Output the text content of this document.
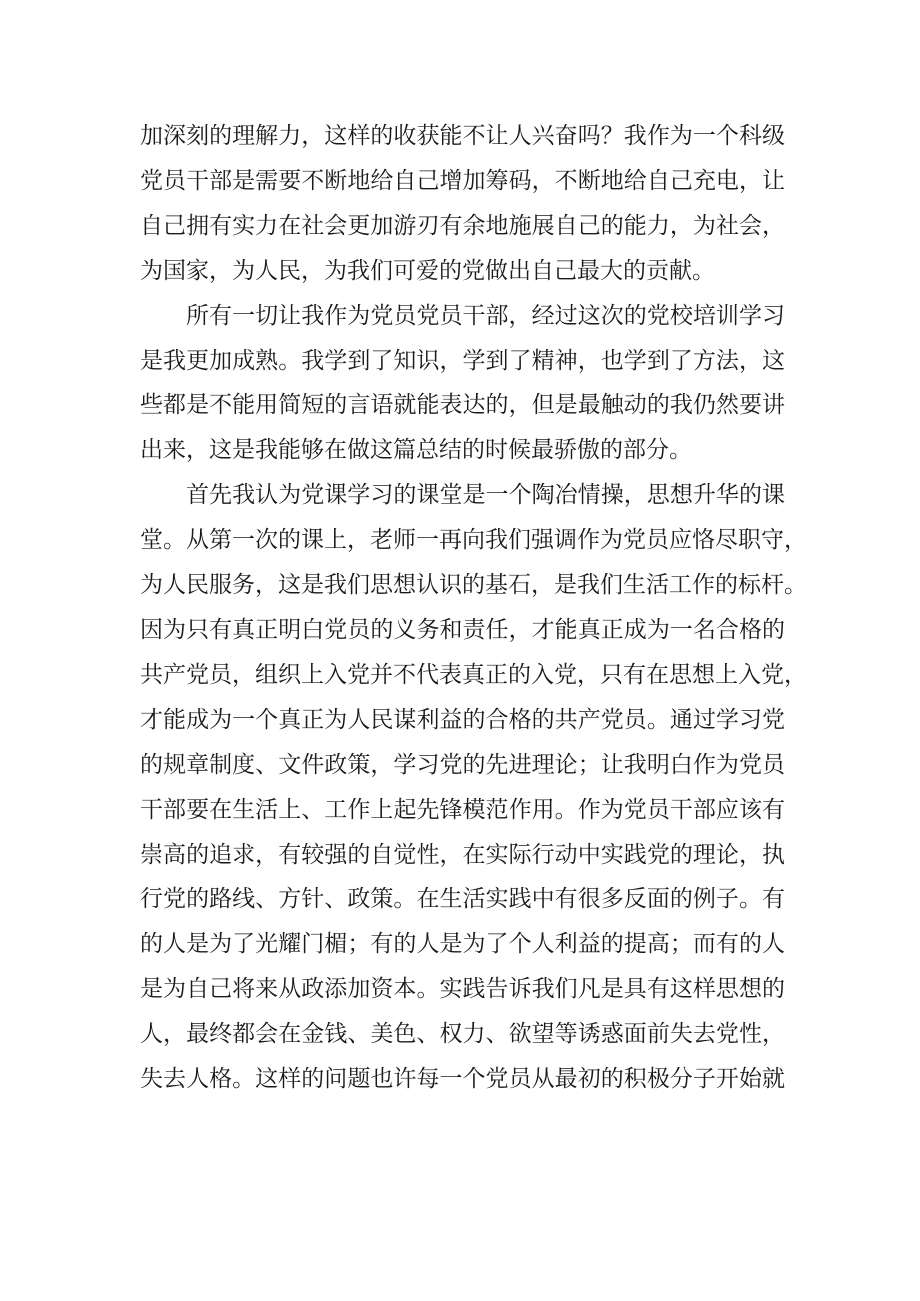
加深刻的理解力，这样的收获能不让人兴奋吗？我作为一个科级
党员干部是需要不断地给自己增加筹码，不断地给自己充电，让
自己拥有实力在社会更加游刃有余地施展自己的能力，为社会，
为国家，为人民，为我们可爱的党做出自己最大的贡献。

所有一切让我作为党员党员干部，经过这次的党校培训学习
是我更加成熟。我学到了知识，学到了精神，也学到了方法，这
些都是不能用简短的言语就能表达的，但是最触动的我仍然要讲
出来，这是我能够在做这篇总结的时候最骄傲的部分。

首先我认为党课学习的课堂是一个陶冶情操，思想升华的课
堂。从第一次的课上，老师一再向我们强调作为党员应恪尽职守，
为人民服务，这是我们思想认识的基石，是我们生活工作的标杆。
因为只有真正明白党员的义务和责任，才能真正成为一名合格的
共产党员，组织上入党并不代表真正的入党，只有在思想上入党，
才能成为一个真正为人民谋利益的合格的共产党员。通过学习党
的规章制度、文件政策，学习党的先进理论；让我明白作为党员
干部要在生活上、工作上起先锋模范作用。作为党员干部应该有
崇高的追求，有较强的自觉性，在实际行动中实践党的理论，执
行党的路线、方针、政策。在生活实践中有很多反面的例子。有
的人是为了光耀门楣；有的人是为了个人利益的提高；而有的人
是为自己将来从政添加资本。实践告诉我们凡是具有这样思想的
人，最终都会在金钱、美色、权力、欲望等诱惑面前失去党性，
失去人格。这样的问题也许每一个党员从最初的积极分子开始就
